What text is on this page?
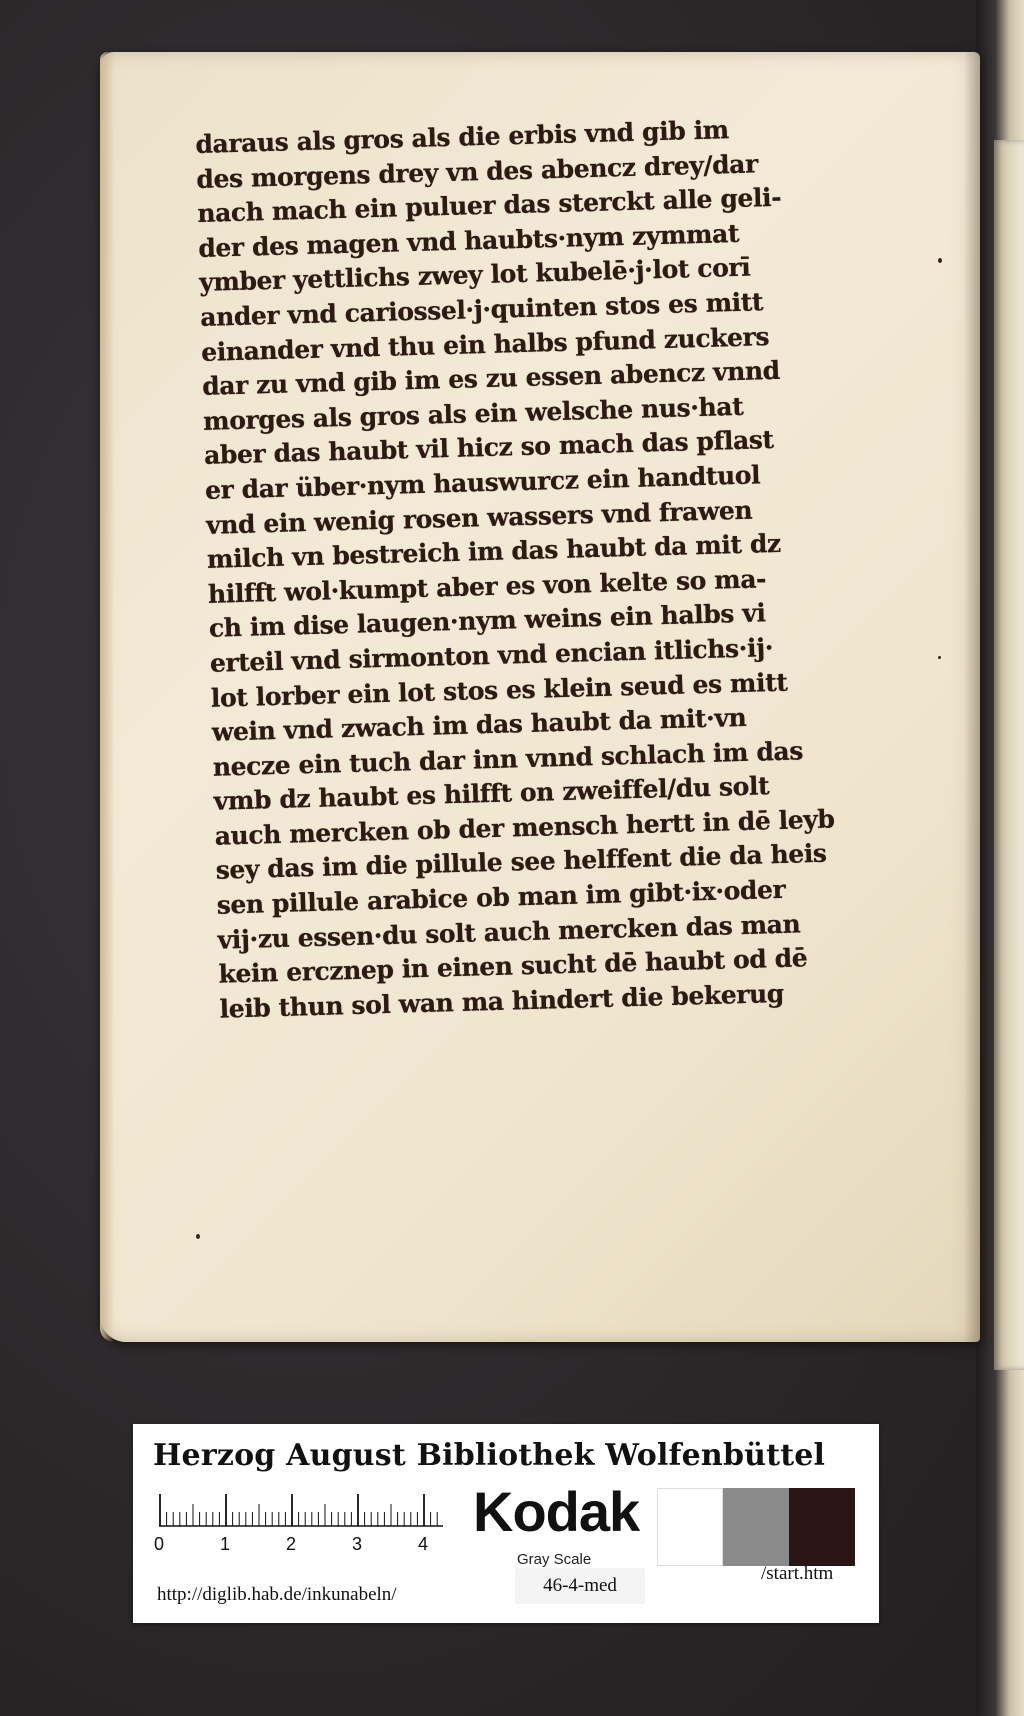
daraus als gros als die erbis vnd gib im
des morgens drey vn des abencz drey/dar
nach mach ein puluer das sterckt alle geli-
der des magen vnd haubts·nym zymmat
ymber yettlichs zwey lot kubelē·j·lot corī
ander vnd cariossel·j·quinten stos es mitt
einander vnd thu ein halbs pfund zuckers
dar zu vnd gib im es zu essen abencz vnnd
morges als gros als ein welsche nus·hat
aber das haubt vil hicz so mach das pflast
er dar über·nym hauswurcz ein handtuol
vnd ein wenig rosen wassers vnd frawen
milch vn bestreich im das haubt da mit dz
hilfft wol·kumpt aber es von kelte so ma-
ch im dise laugen·nym weins ein halbs vi
erteil vnd sirmonton vnd encian itlichs·ij·
lot lorber ein lot stos es klein seud es mitt
wein vnd zwach im das haubt da mit·vn
necze ein tuch dar inn vnnd schlach im das
vmb dz haubt es hilfft on zweiffel/du solt
auch mercken ob der mensch hertt in dē leyb
sey das im die pillule see helffent die da heis
sen pillule arabice ob man im gibt·ix·oder
vij·zu essen·du solt auch mercken das man
kein ercznep in einen sucht dē haubt od dē
leib thun sol wan ma hindert die bekerug
Herzog August Bibliothek Wolfenbüttel
0	1	2	3	4
Kodak
Gray Scale
http://diglib.hab.de/inkunabeln/	46-4-med
/start.htm
